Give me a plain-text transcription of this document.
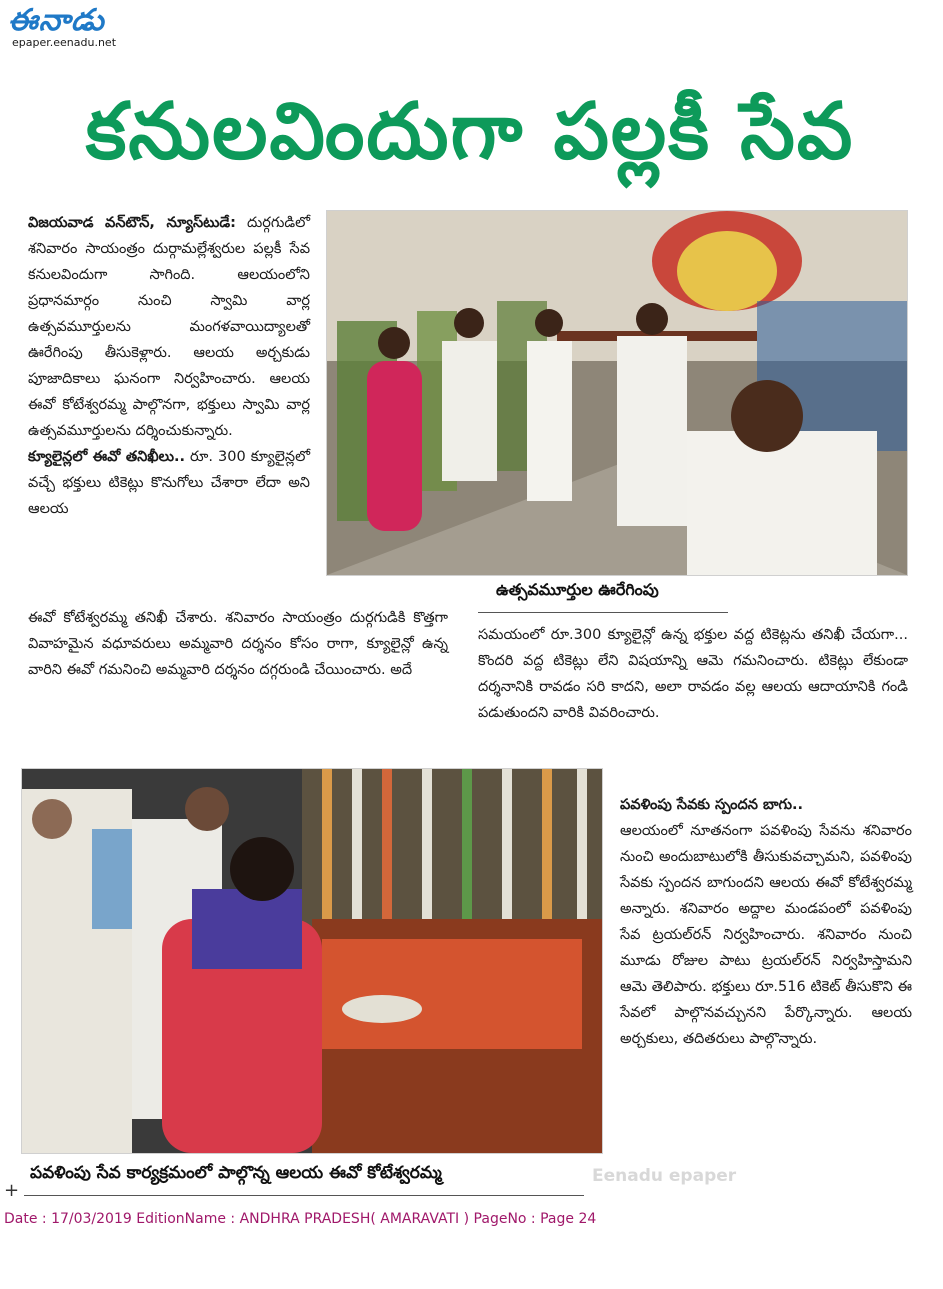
ఈనాడు
epaper.eenadu.net
కనులవిందుగా పల్లకీ సేవ

విజయవాడ వన్‌టౌన్, న్యూస్‌టుడే: దుర్గగుడిలో శనివారం సాయంత్రం దుర్గామల్లేశ్వరుల పల్లకీ సేవ కనులవిందుగా సాగింది. ఆలయంలోని ప్రధానమార్గం నుంచి స్వామి వార్ల ఉత్సవమూర్తులను మంగళవాయిద్యాలతో ఊరేగింపు తీసుకెళ్లారు. ఆలయ అర్చకుడు పూజాదికాలు ఘనంగా నిర్వహించారు. ఆలయ ఈవో కోటేశ్వరమ్మ పాల్గొనగా, భక్తులు స్వామి వార్ల ఉత్సవమూర్తులను దర్శించుకున్నారు.

క్యూలైన్లలో ఈవో తనిఖీలు.. రూ. 300 క్యూలైన్లలో వచ్చే భక్తులు టికెట్లు కొనుగోలు చేశారా లేదా అని ఆలయ

ఉత్సవమూర్తుల ఊరేగింపు

ఈవో కోటేశ్వరమ్మ తనిఖీ చేశారు. శనివారం సాయంత్రం దుర్గగుడికి కొత్తగా వివాహమైన వధూవరులు అమ్మవారి దర్శనం కోసం రాగా, క్యూలైన్లో ఉన్న వారిని ఈవో గమనించి అమ్మవారి దర్శనం దగ్గరుండి చేయించారు. అదే

సమయంలో రూ.300 క్యూలైన్లో ఉన్న భక్తుల వద్ద టికెట్లను తనిఖీ చేయగా... కొందరి వద్ద టికెట్లు లేని విషయాన్ని ఆమె గమనించారు. టికెట్లు లేకుండా దర్శనానికి రావడం సరి కాదని, అలా రావడం వల్ల ఆలయ ఆదాయానికి గండి పడుతుందని వారికి వివరించారు.

పవళింపు సేవకు స్పందన బాగు..

ఆలయంలో నూతనంగా పవళింపు సేవను శనివారం నుంచి అందుబాటులోకి తీసుకువచ్చామని, పవళింపు సేవకు స్పందన బాగుందని ఆలయ ఈవో కోటేశ్వరమ్మ అన్నారు. శనివారం అద్దాల మండపంలో పవళింపు సేవ ట్రయల్‌రన్ నిర్వహించారు. శనివారం నుంచి మూడు రోజుల పాటు ట్రయల్‌రన్ నిర్వహిస్తామని ఆమె తెలిపారు. భక్తులు రూ.516 టికెట్ తీసుకొని ఈ సేవలో పాల్గొనవచ్చునని పేర్కొన్నారు. ఆలయ అర్చకులు, తదితరులు పాల్గొన్నారు.

పవళింపు సేవ కార్యక్రమంలో పాల్గొన్న ఆలయ ఈవో కోటేశ్వరమ్మ	Eenadu epaper
+
Date : 17/03/2019 EditionName : ANDHRA PRADESH( AMARAVATI ) PageNo : Page 24
